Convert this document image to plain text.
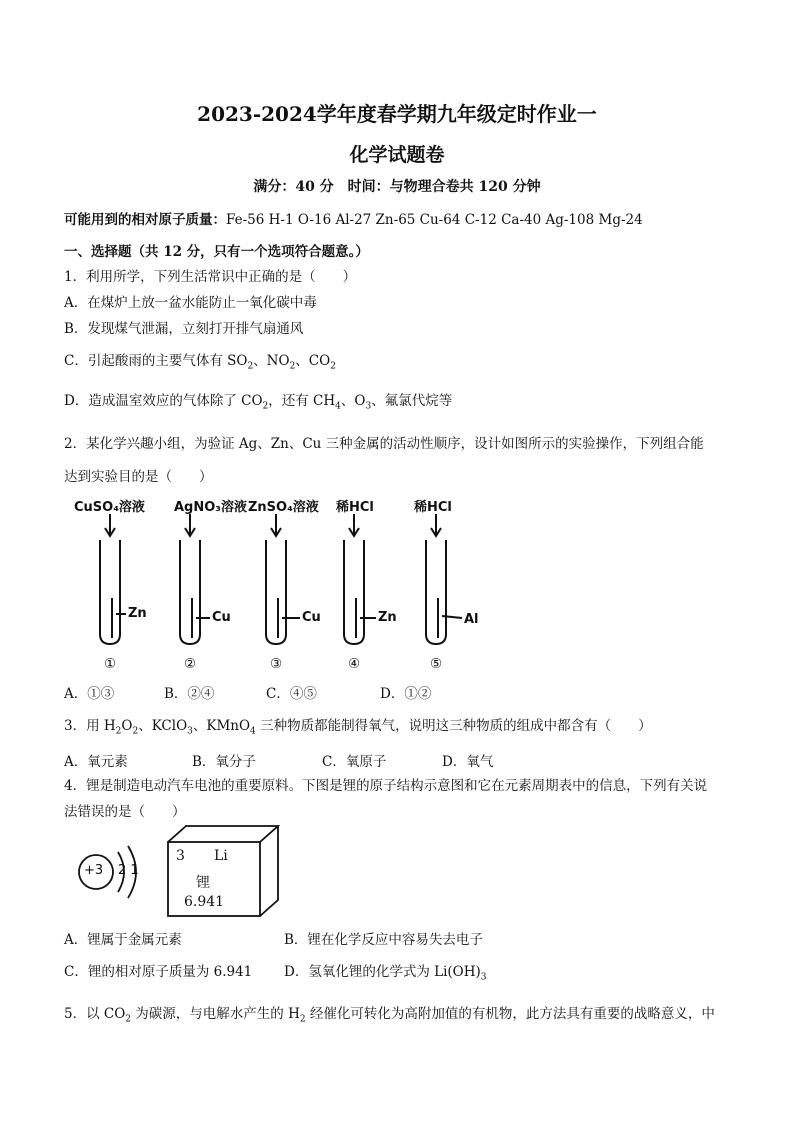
2023-2024学年度春学期九年级定时作业一
化学试题卷
满分：40 分　时间：与物理合卷共 120 分钟
可能用到的相对原子质量：Fe-56 H-1 O-16 Al-27 Zn-65 Cu-64 C-12 Ca-40 Ag-108 Mg-24
一、选择题（共 12 分，只有一个选项符合题意。）
1．利用所学，下列生活常识中正确的是（　　）
A．在煤炉上放一盆水能防止一氧化碳中毒
B．发现煤气泄漏，立刻打开排气扇通风
C．引起酸雨的主要气体有 $SO_2$、$NO_2$、$CO_2$
D．造成温室效应的气体除了 $CO_2$，还有 $CH_4$、$O_3$、氟氯代烷等
2．某化学兴趣小组，为验证 Ag、Zn、Cu 三种金属的活动性顺序，设计如图所示的实验操作，下列组合能
达到实验目的是（　　）
CuSO₄溶液 AgNO₃溶液 ZnSO₄溶液 稀HCl	稀HCl
Zn	Cu	Cu	Zn	Al
①	②	③	④	⑤
A．①③	B．②④	C．④⑤	D．①②
3．用 $H_2O_2$、KClO$_3$、KMnO$_4$ 三种物质都能制得氧气，说明这三种物质的组成中都含有（　　）
A．氧元素	B．氧分子	C．氧原子	D．氧气
4．锂是制造电动汽车电池的重要原料。下图是锂的原子结构示意图和它在元素周期表中的信息，下列有关说
法错误的是（　　）
+3 2 1
3 Li
锂
6.941
A．锂属于金属元素	B．锂在化学反应中容易失去电子
C．锂的相对原子质量为 6.941 D．氢氧化锂的化学式为 $Li(OH)_3$
5．以 $CO_2$ 为碳源，与电解水产生的 $H_2$ 经催化可转化为高附加值的有机物，此方法具有重要的战略意义，中
